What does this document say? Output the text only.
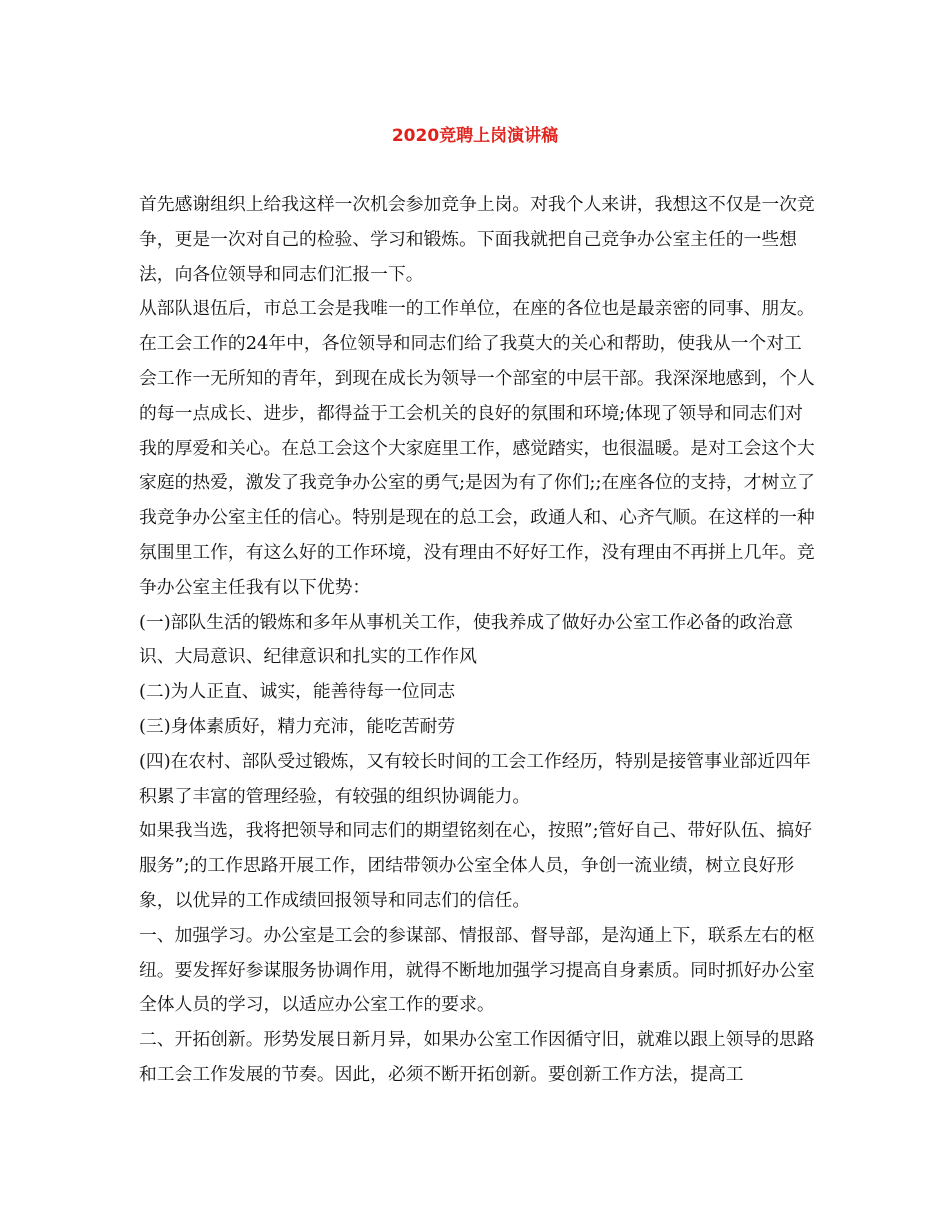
2020竞聘上岗演讲稿

首先感谢组织上给我这样一次机会参加竞争上岗。对我个人来讲，我想这不仅是一次竞争，更是一次对自己的检验、学习和锻炼。下面我就把自己竞争办公室主任的一些想法，向各位领导和同志们汇报一下。

从部队退伍后，市总工会是我唯一的工作单位，在座的各位也是最亲密的同事、朋友。在工会工作的24年中，各位领导和同志们给了我莫大的关心和帮助，使我从一个对工会工作一无所知的青年，到现在成长为领导一个部室的中层干部。我深深地感到，个人的每一点成长、进步，都得益于工会机关的良好的氛围和环境;体现了领导和同志们对我的厚爱和关心。在总工会这个大家庭里工作，感觉踏实，也很温暖。是对工会这个大家庭的热爱，激发了我竞争办公室的勇气;是因为有了你们;;在座各位的支持，才树立了我竞争办公室主任的信心。特别是现在的总工会，政通人和、心齐气顺。在这样的一种氛围里工作，有这么好的工作环境，没有理由不好好工作，没有理由不再拼上几年。竞争办公室主任我有以下优势：

(一)部队生活的锻炼和多年从事机关工作，使我养成了做好办公室工作必备的政治意识、大局意识、纪律意识和扎实的工作作风

(二)为人正直、诚实，能善待每一位同志

(三)身体素质好，精力充沛，能吃苦耐劳

(四)在农村、部队受过锻炼，又有较长时间的工会工作经历，特别是接管事业部近四年积累了丰富的管理经验，有较强的组织协调能力。

如果我当选，我将把领导和同志们的期望铭刻在心，按照”;管好自己、带好队伍、搞好服务”;的工作思路开展工作，团结带领办公室全体人员，争创一流业绩，树立良好形象，以优异的工作成绩回报领导和同志们的信任。

一、加强学习。办公室是工会的参谋部、情报部、督导部，是沟通上下，联系左右的枢纽。要发挥好参谋服务协调作用，就得不断地加强学习提高自身素质。同时抓好办公室全体人员的学习，以适应办公室工作的要求。

二、开拓创新。形势发展日新月异，如果办公室工作因循守旧，就难以跟上领导的思路和工会工作发展的节奏。因此，必须不断开拓创新。要创新工作方法，提高工
